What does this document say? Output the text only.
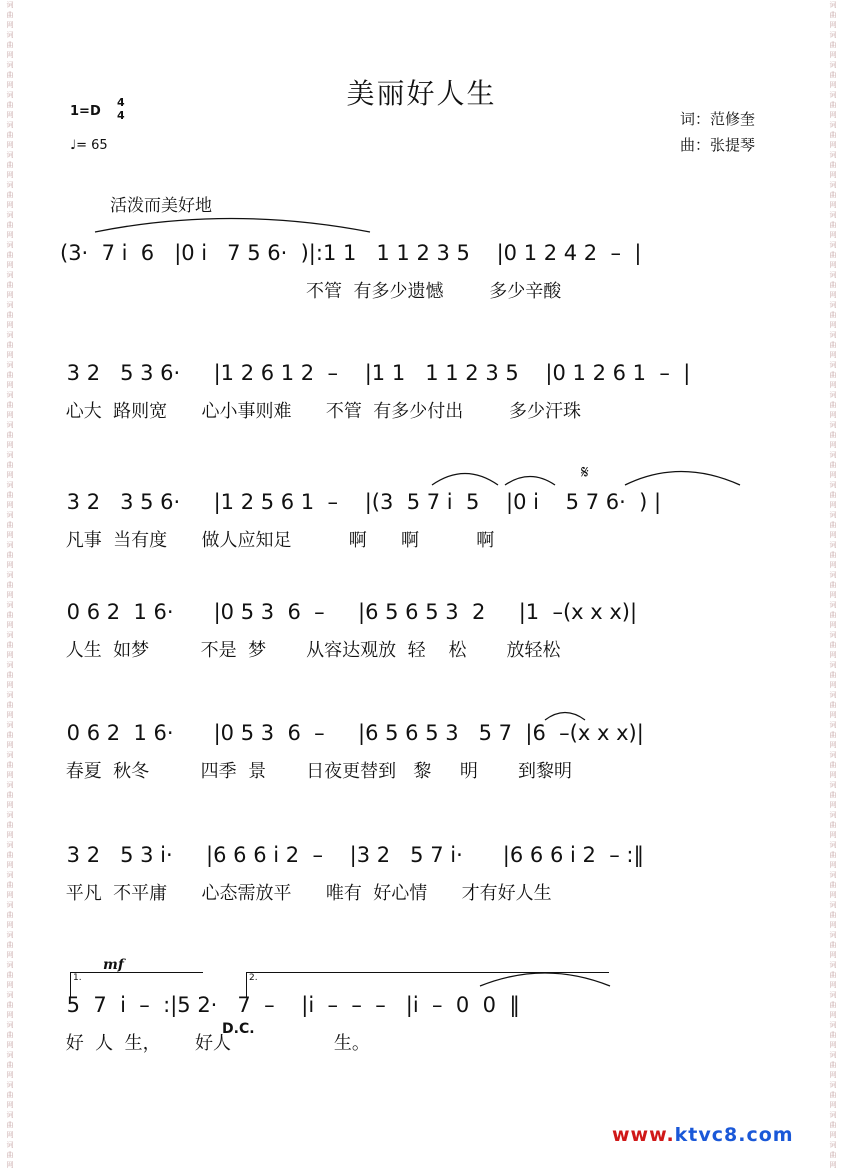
词
曲
网
词
曲
网
词
曲
网
词
曲
网
词
曲
网
词
曲
网
词
曲
网
词
曲
网
词
曲
网
词
曲
网
词
曲
网
词
曲
网
词
曲
网
词
曲
网
词
曲
网
词
曲
网
词
曲
网
词
曲
网
词
曲
网
词
曲
网
词
曲
网
词
曲
网
词
曲
网
词
曲
网
词
曲
网
词
曲
网
词
曲
网
词
曲
网
词
曲
网
词
曲
网
词
曲
网
词
曲
网
词
曲
网
词
曲
网
词
曲
网
词
曲
网
词
曲
网
词
曲
网
词
曲
网
词
曲
网
词
曲
网
词
曲
网
词
曲
网
词
曲
网
词
曲
网
词
曲
网
词
曲
网
词
曲
网
词
曲
网
词
曲
网
词
曲
网
词
曲
网
词
曲
网
词
曲
网
词
曲
网
词
曲
网
词
曲
网
词
曲
网
词
曲
网
词
曲
网
词
曲
网
词
曲
网
词
曲
网
词
曲
网
词
曲
网
词
曲
网
词
曲
网
词
曲
网
词
曲
网
词
曲
网
词
曲
网
词
曲
网
词
曲
网
词
曲
网
词
曲
网
词
曲
网
词
曲
网
词
曲
网
美丽好人生
1=D
4
4
♩= 65
词：范修奎
曲：张提琴
活泼而美好地
(3·  7 i  6   |0 i   7 5 6·  )|:1 1   1 1 2 3 5    |0 1 2 4 2  –  |
不管  有多少遗憾        多少辛酸
3 2   5 3 6·     |1 2 6 1 2  –    |1 1   1 1 2 3 5    |0 1 2 6 1  –  |
心大  路则宽      心小事则难      不管  有多少付出        多少汗珠
3 2   3 5 6·     |1 2 5 6 1  –    |(3  5 7 i  5    |0 i    5 7 6·  ) |
凡事  当有度      做人应知足          啊      啊          啊
0 6 2  1 6·      |0 5 3  6  –     |6 5 6 5 3  2     |1  –(x x x)|
人生  如梦         不是  梦       从容达观放  轻    松       放轻松
0 6 2  1 6·      |0 5 3  6  –     |6 5 6 5 3   5 7  |6  –(x x x)|
春夏  秋冬         四季  景       日夜更替到   黎     明       到黎明
3 2   5 3 i·     |6 6 6 i 2  –    |3 2   5 7 i·      |6 6 6 i 2  – :‖
平凡  不平庸      心态需放平      唯有  好心情      才有好人生
5  7  i  –  :|5 2·   7  –    |i  –  –  –   |i  –  0  0  ‖
好  人  生，      好人                  生。
𝄋
mf
1.	2.
D.C.
www.ktvc8.com
